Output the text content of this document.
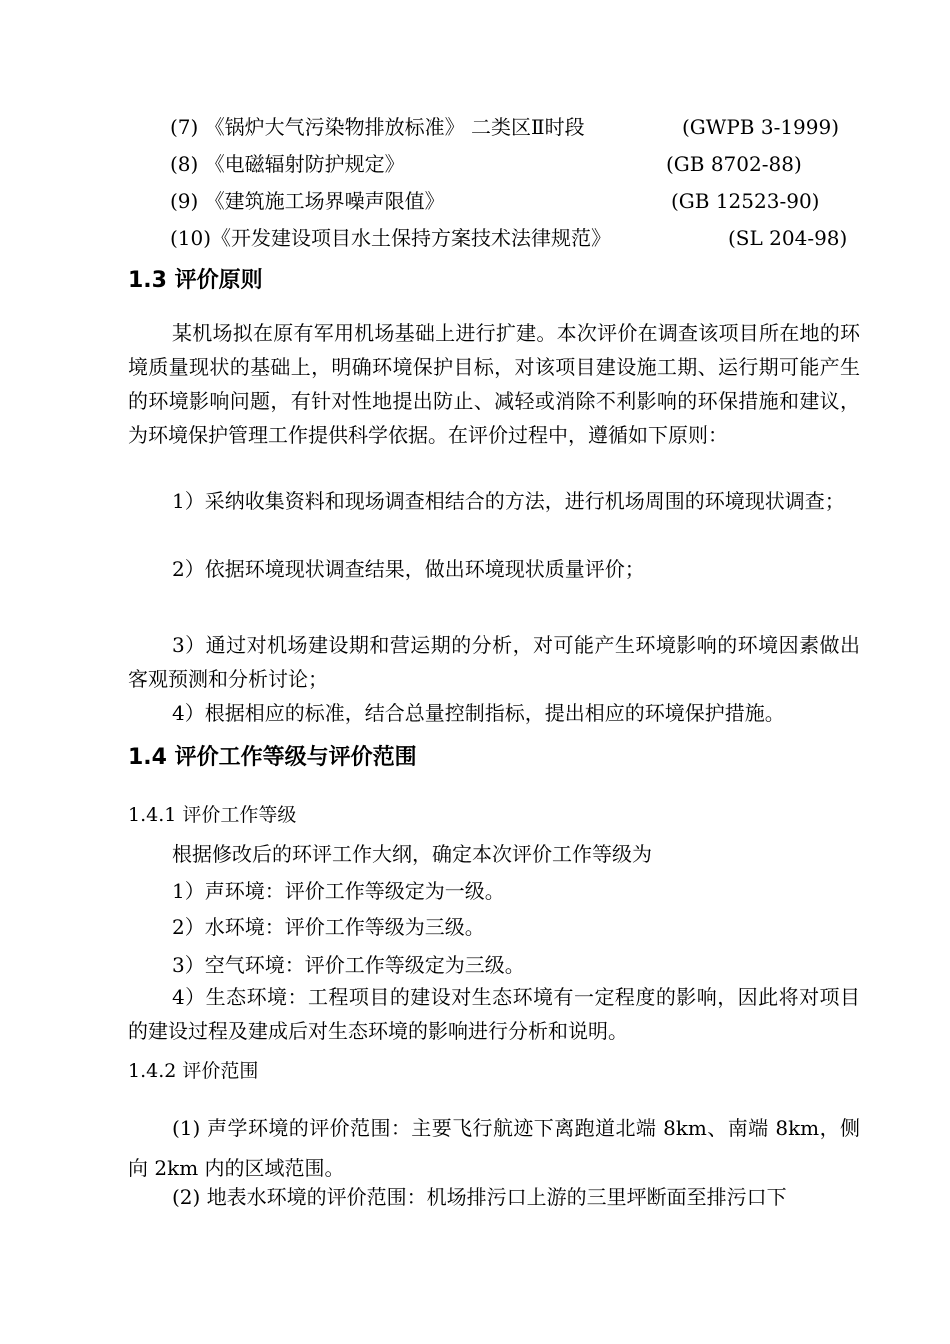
(7) 《锅炉大气污染物排放标准》 二类区Ⅱ时段	(GWPB 3-1999)
(8) 《电磁辐射防护规定》	(GB 8702-88)
(9) 《建筑施工场界噪声限值》	(GB 12523-90)
(10)《开发建设项目水土保持方案技术法律规范》	(SL 204-98)
1.3 评价原则
某机场拟在原有军用机场基础上进行扩建。本次评价在调查该项目所在地的环境质量现状的基础上，明确环境保护目标，对该项目建设施工期、运行期可能产生的环境影响问题，有针对性地提出防止、减轻或消除不利影响的环保措施和建议，为环境保护管理工作提供科学依据。在评价过程中，遵循如下原则：
1）采纳收集资料和现场调查相结合的方法，进行机场周围的环境现状调查；
2）依据环境现状调查结果，做出环境现状质量评价；
3）通过对机场建设期和营运期的分析，对可能产生环境影响的环境因素做出客观预测和分析讨论；
4）根据相应的标准，结合总量控制指标，提出相应的环境保护措施。
1.4 评价工作等级与评价范围
1.4.1 评价工作等级
根据修改后的环评工作大纲，确定本次评价工作等级为
1）声环境：评价工作等级定为一级。
2）水环境：评价工作等级为三级。
3）空气环境：评价工作等级定为三级。
4）生态环境：工程项目的建设对生态环境有一定程度的影响，因此将对项目的建设过程及建成后对生态环境的影响进行分析和说明。
1.4.2 评价范围
(1) 声学环境的评价范围：主要飞行航迹下离跑道北端 8km、南端 8km，侧向 2km 内的区域范围。
(2) 地表水环境的评价范围：机场排污口上游的三里坪断面至排污口下
